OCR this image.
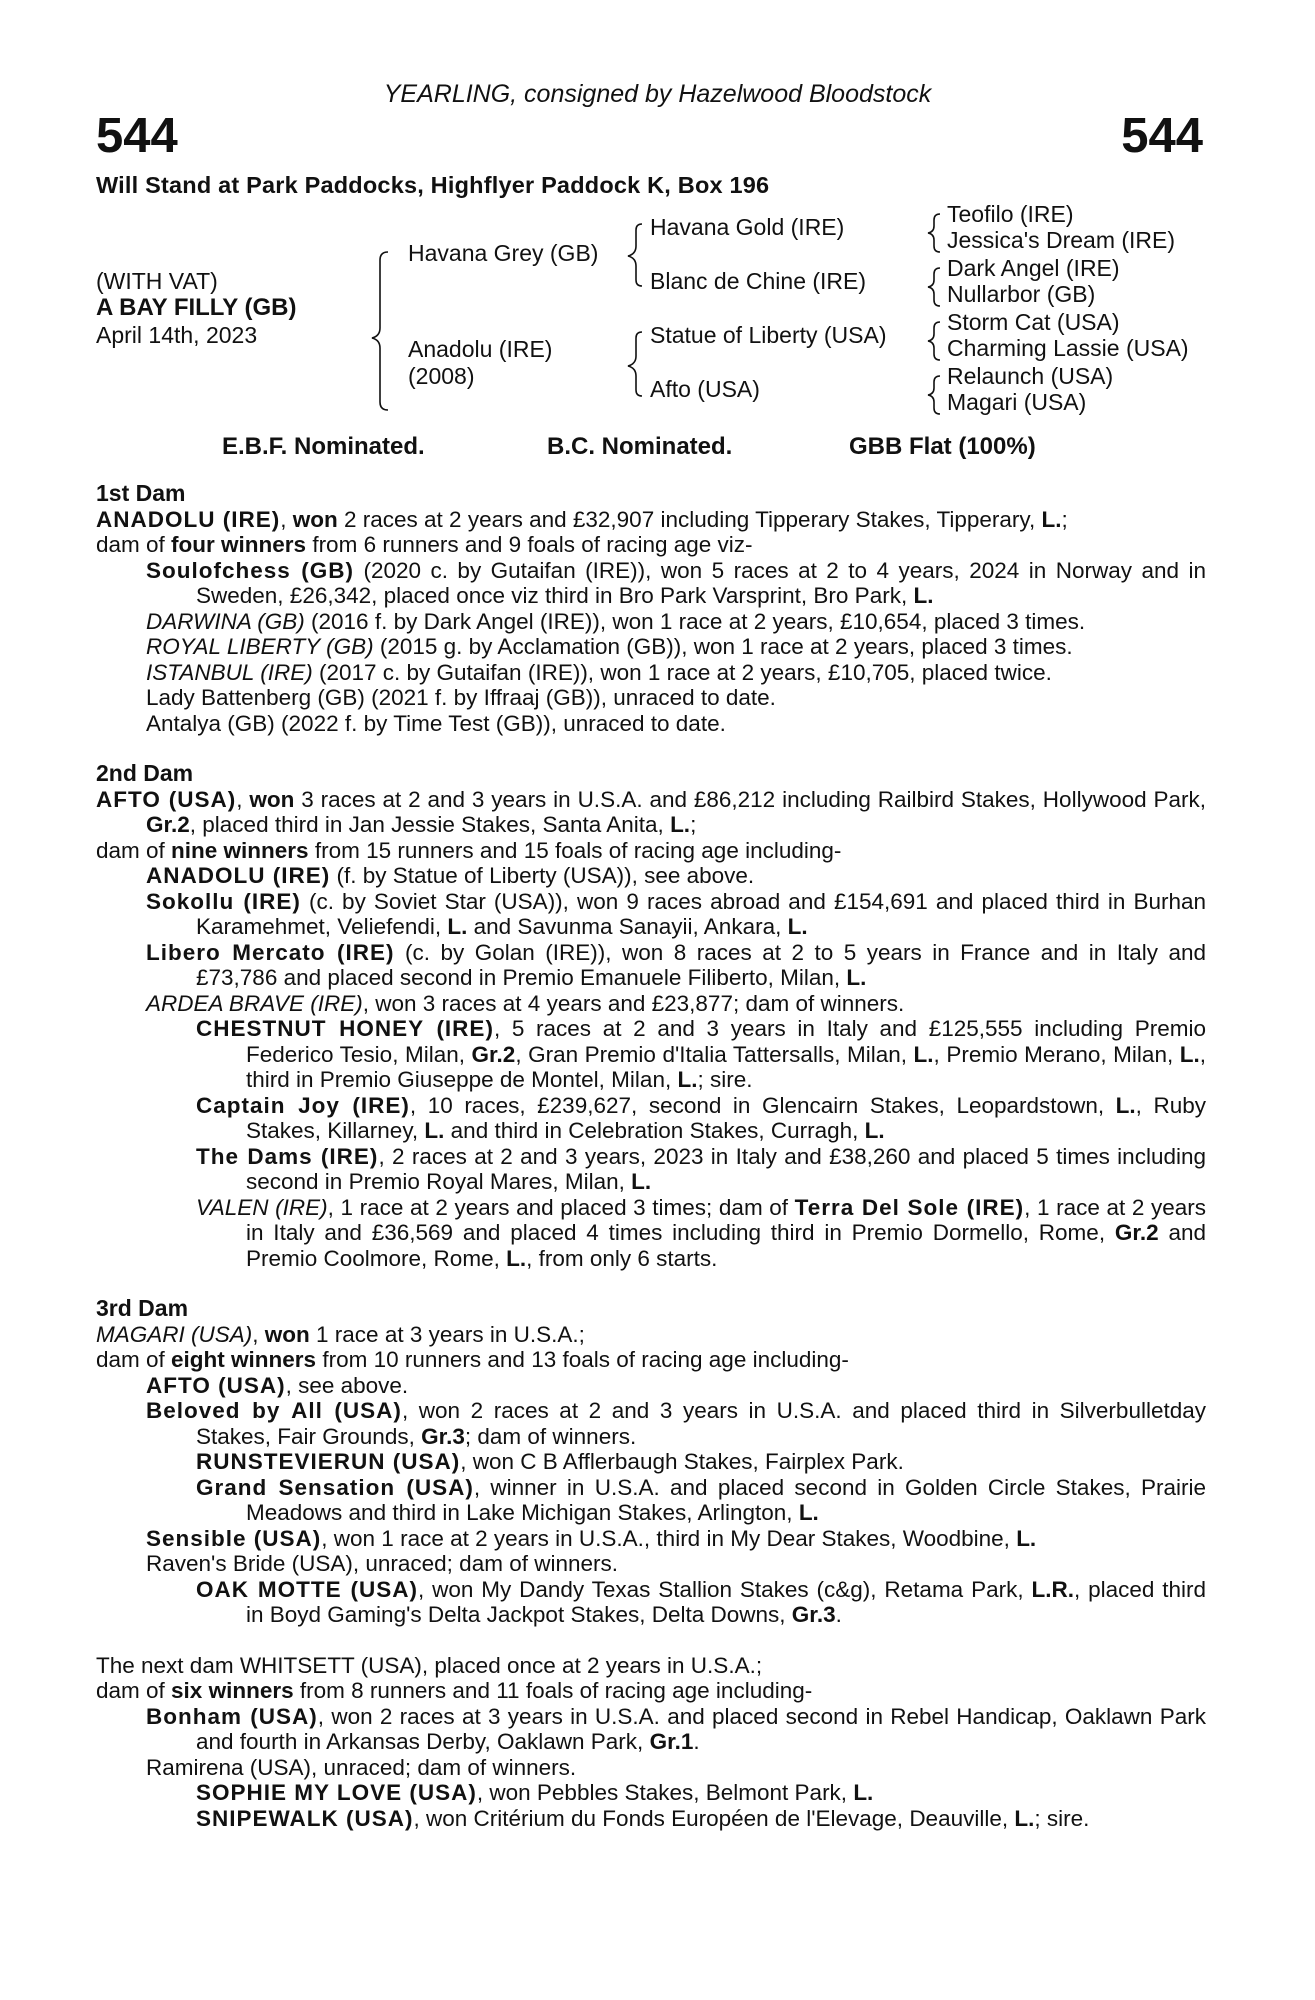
YEARLING, consigned by Hazelwood Bloodstock
544	544
Will Stand at Park Paddocks, Highflyer Paddock K, Box 196
(WITH VAT)
A BAY FILLY (GB)
April 14th, 2023
Havana Grey (GB)
Anadolu (IRE)
(2008)
Havana Gold (IRE)
Blanc de Chine (IRE)
Statue of Liberty (USA)
Afto (USA)
Teofilo (IRE)
Jessica's Dream (IRE)
Dark Angel (IRE)
Nullarbor (GB)
Storm Cat (USA)
Charming Lassie (USA)
Relaunch (USA)
Magari (USA)
E.B.F. Nominated.	B.C. Nominated.	GBB Flat (100%)

1st Dam

ANADOLU (IRE), won 2 races at 2 years and £32,907 including Tipperary Stakes, Tipperary, L.;

dam of four winners from 6 runners and 9 foals of racing age viz-

Soulofchess (GB) (2020 c. by Gutaifan (IRE)), won 5 races at 2 to 4 years, 2024 in Norway and in Sweden, £26,342, placed once viz third in Bro Park Varsprint, Bro Park, L.

DARWINA (GB) (2016 f. by Dark Angel (IRE)), won 1 race at 2 years, £10,654, placed 3 times.

ROYAL LIBERTY (GB) (2015 g. by Acclamation (GB)), won 1 race at 2 years, placed 3 times.

ISTANBUL (IRE) (2017 c. by Gutaifan (IRE)), won 1 race at 2 years, £10,705, placed twice.

Lady Battenberg (GB) (2021 f. by Iffraaj (GB)), unraced to date.

Antalya (GB) (2022 f. by Time Test (GB)), unraced to date.

2nd Dam

AFTO (USA), won 3 races at 2 and 3 years in U.S.A. and £86,212 including Railbird Stakes, Hollywood Park, Gr.2, placed third in Jan Jessie Stakes, Santa Anita, L.;

dam of nine winners from 15 runners and 15 foals of racing age including-

ANADOLU (IRE) (f. by Statue of Liberty (USA)), see above.

Sokollu (IRE) (c. by Soviet Star (USA)), won 9 races abroad and £154,691 and placed third in Burhan Karamehmet, Veliefendi, L. and Savunma Sanayii, Ankara, L.

Libero Mercato (IRE) (c. by Golan (IRE)), won 8 races at 2 to 5 years in France and in Italy and £73,786 and placed second in Premio Emanuele Filiberto, Milan, L.

ARDEA BRAVE (IRE), won 3 races at 4 years and £23,877; dam of winners.

CHESTNUT HONEY (IRE), 5 races at 2 and 3 years in Italy and £125,555 including Premio Federico Tesio, Milan, Gr.2, Gran Premio d'Italia Tattersalls, Milan, L., Premio Merano, Milan, L., third in Premio Giuseppe de Montel, Milan, L.; sire.

Captain Joy (IRE), 10 races, £239,627, second in Glencairn Stakes, Leopardstown, L., Ruby Stakes, Killarney, L. and third in Celebration Stakes, Curragh, L.

The Dams (IRE), 2 races at 2 and 3 years, 2023 in Italy and £38,260 and placed 5 times including second in Premio Royal Mares, Milan, L.

VALEN (IRE), 1 race at 2 years and placed 3 times; dam of Terra Del Sole (IRE), 1 race at 2 years in Italy and £36,569 and placed 4 times including third in Premio Dormello, Rome, Gr.2 and Premio Coolmore, Rome, L., from only 6 starts.

3rd Dam

MAGARI (USA), won 1 race at 3 years in U.S.A.;

dam of eight winners from 10 runners and 13 foals of racing age including-

AFTO (USA), see above.

Beloved by All (USA), won 2 races at 2 and 3 years in U.S.A. and placed third in Silverbulletday Stakes, Fair Grounds, Gr.3; dam of winners.

RUNSTEVIERUN (USA), won C B Afflerbaugh Stakes, Fairplex Park.

Grand Sensation (USA), winner in U.S.A. and placed second in Golden Circle Stakes, Prairie Meadows and third in Lake Michigan Stakes, Arlington, L.

Sensible (USA), won 1 race at 2 years in U.S.A., third in My Dear Stakes, Woodbine, L.

Raven's Bride (USA), unraced; dam of winners.

OAK MOTTE (USA), won My Dandy Texas Stallion Stakes (c&g), Retama Park, L.R., placed third in Boyd Gaming's Delta Jackpot Stakes, Delta Downs, Gr.3.

The next dam WHITSETT (USA), placed once at 2 years in U.S.A.;

dam of six winners from 8 runners and 11 foals of racing age including-

Bonham (USA), won 2 races at 3 years in U.S.A. and placed second in Rebel Handicap, Oaklawn Park and fourth in Arkansas Derby, Oaklawn Park, Gr.1.

Ramirena (USA), unraced; dam of winners.

SOPHIE MY LOVE (USA), won Pebbles Stakes, Belmont Park, L.

SNIPEWALK (USA), won Critérium du Fonds Européen de l'Elevage, Deauville, L.; sire.
